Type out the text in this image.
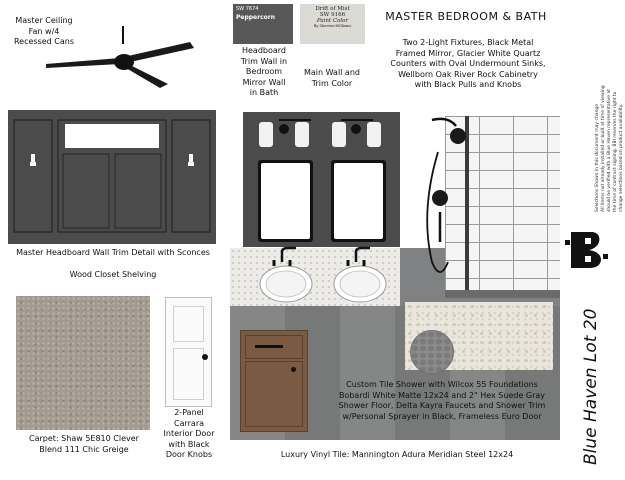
Master Ceiling
Fan w/4
Recessed Cans
SW 7674
Peppercorn
Headboard
Trim Wall in
Bedroom
Mirror Wall
in Bath
Drift of Mist
SW 9166
Paint Color
By Sherwin-Williams
Main Wall and
Trim Color
MASTER BEDROOM & BATH
Two 2-Light Fixtures, Black Metal
Framed Mirror, Glacier White Quartz
Counters with Oval Undermount Sinks,
Wellborn Oak River Rock Cabinetry
with Black Pulls and Knobs
Selections Shown in this document may change
All items not already installed or built at time of viewing
should be verified with a Blue Haven representative at
the time of contract signing. BBI reserves the right to
change selections based on product availability.
Master Headboard Wall Trim Detail with Sconces
Wood Closet Shelving
Carpet: Shaw 5E810 Clever
Blend 111 Chic Greige
2-Panel
Carrara
Interior Door
with Black
Door Knobs
Custom Tile Shower with Wilcox 55 Foundations
Bobardi White Matte 12x24 and 2" Hex Suede Gray
Shower Floor, Delta Kayra Faucets and Shower Trim
w/Personal Sprayer in Black, Frameless Euro Door
Luxury Vinyl Tile: Mannington Adura Meridian Steel 12x24	Blue Haven Lot 20
